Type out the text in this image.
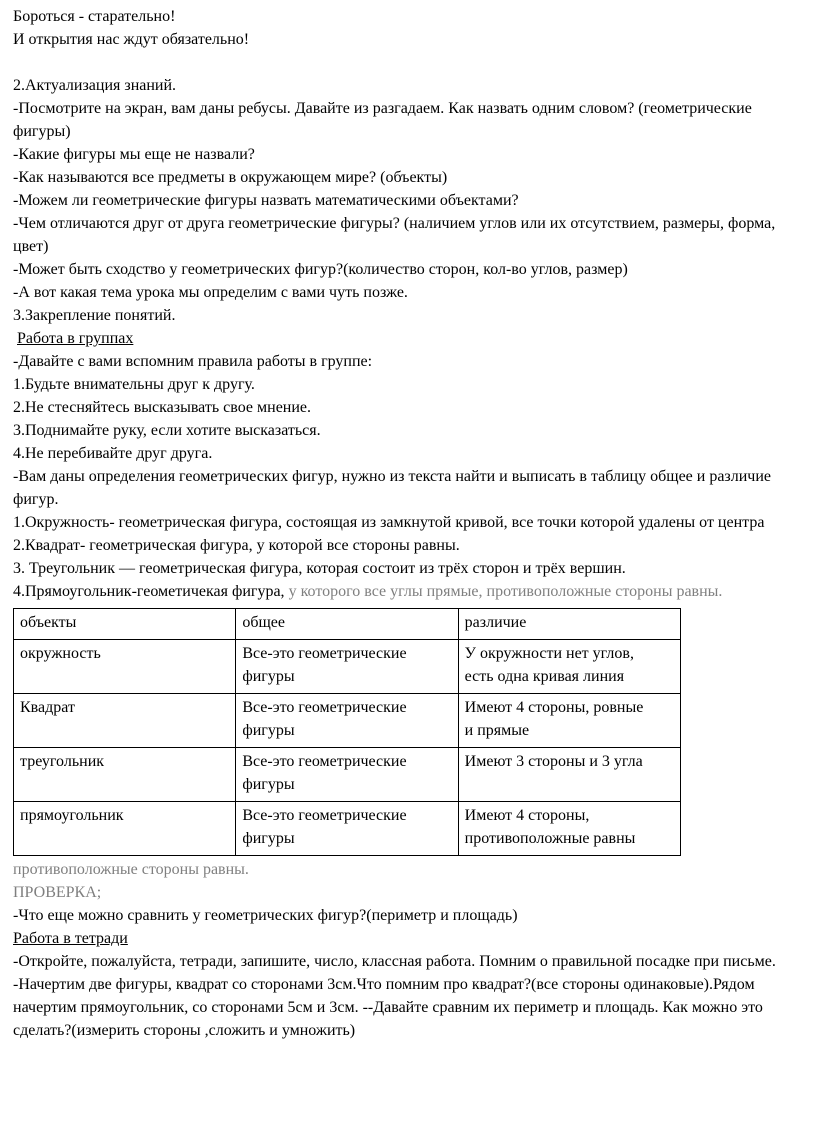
Бороться - старательно!

И открытия нас ждут обязательно!

2.Актуализация знаний.

-Посмотрите на экран, вам даны ребусы. Давайте из разгадаем. Как назвать одним словом? (геометрические фигуры)

-Какие фигуры мы еще не назвали?

-Как называются все предметы в окружающем мире? (объекты)

-Можем ли геометрические фигуры назвать математическими объектами?

-Чем отличаются друг от друга геометрические фигуры? (наличием углов или их отсутствием, размеры, форма, цвет)

-Может быть сходство у геометрических фигур?(количество сторон, кол-во углов, размер)

-А вот какая тема урока мы определим с вами чуть позже.

3.Закрепление понятий.

Работа в группах

-Давайте с вами вспомним правила работы в группе:

1.Будьте внимательны друг к другу.

2.Не стесняйтесь высказывать свое мнение.

3.Поднимайте руку, если хотите высказаться.

4.Не перебивайте друг друга.

-Вам даны определения геометрических фигур, нужно из текста найти и выписать в таблицу общее и различие фигур.

1.Окружность- геометрическая фигура, состоящая из замкнутой кривой, все точки которой удалены от центра

2.Квадрат- геометрическая фигура, у которой все стороны равны.

3. Треугольник — геометрическая фигура, которая состоит из трёх сторон и трёх вершин.

4.Прямоугольник-геометичекая фигура, у которого все углы прямые, противоположные стороны равны.

объекты	общее	различие
окружность	Все-это геометрические фигуры	У окружности нет углов, есть одна кривая линия
Квадрат	Все-это геометрические фигуры	Имеют 4 стороны, ровные и прямые
треугольник	Все-это геометрические фигуры	Имеют 3 стороны и 3 угла
прямоугольник	Все-это геометрические фигуры	Имеют 4 стороны, противоположные равны

противоположные стороны равны.

ПРОВЕРКА;

-Что еще можно сравнить у геометрических фигур?(периметр и площадь)

Работа в тетради

-Откройте, пожалуйста, тетради, запишите, число, классная работа. Помним о правильной посадке при письме.

-Начертим две фигуры, квадрат со сторонами 3см.Что помним про квадрат?(все стороны одинаковые).Рядом начертим прямоугольник, со сторонами 5см и 3см. --Давайте сравним их периметр и площадь. Как можно это сделать?(измерить стороны ,сложить и умножить)
